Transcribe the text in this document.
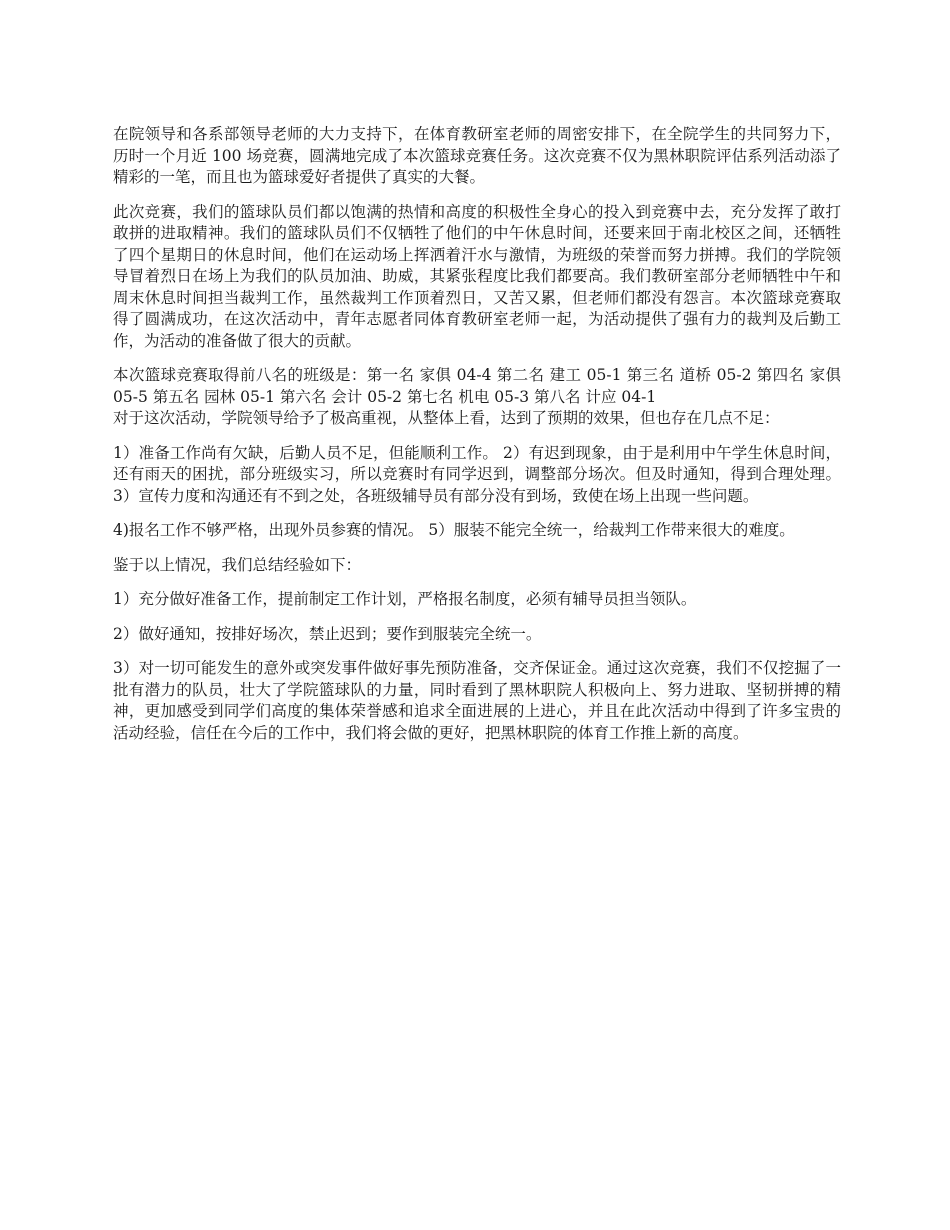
在院领导和各系部领导老师的大力支持下，在体育教研室老师的周密安排下，在全院学生的共同努力下，历时一个月近 100 场竞赛，圆满地完成了本次篮球竞赛任务。这次竞赛不仅为黑林职院评估系列活动添了精彩的一笔，而且也为篮球爱好者提供了真实的大餐。

此次竞赛，我们的篮球队员们都以饱满的热情和高度的积极性全身心的投入到竞赛中去，充分发挥了敢打敢拼的进取精神。我们的篮球队员们不仅牺牲了他们的中午休息时间，还要来回于南北校区之间，还牺牲了四个星期日的休息时间，他们在运动场上挥洒着汗水与激情，为班级的荣誉而努力拼搏。我们的学院领导冒着烈日在场上为我们的队员加油、助威，其紧张程度比我们都要高。我们教研室部分老师牺牲中午和周末休息时间担当裁判工作，虽然裁判工作顶着烈日，又苦又累，但老师们都没有怨言。本次篮球竞赛取得了圆满成功，在这次活动中，青年志愿者同体育教研室老师一起，为活动提供了强有力的裁判及后勤工作，为活动的准备做了很大的贡献。

本次篮球竞赛取得前八名的班级是：第一名 家俱 04-4 第二名 建工 05-1 第三名 道桥 05-2 第四名 家俱 05-5 第五名 园林 05-1 第六名 会计 05-2 第七名 机电 05-3 第八名 计应 04-1
对于这次活动，学院领导给予了极高重视，从整体上看，达到了预期的效果，但也存在几点不足：

1）准备工作尚有欠缺，后勤人员不足，但能顺利工作。 2）有迟到现象，由于是利用中午学生休息时间，还有雨天的困扰，部分班级实习，所以竞赛时有同学迟到，调整部分场次。但及时通知，得到合理处理。 3）宣传力度和沟通还有不到之处，各班级辅导员有部分没有到场，致使在场上出现一些问题。

4)报名工作不够严格，出现外员参赛的情况。 5）服装不能完全统一，给裁判工作带来很大的难度。

鉴于以上情况，我们总结经验如下：

1）充分做好准备工作，提前制定工作计划，严格报名制度，必须有辅导员担当领队。

2）做好通知，按排好场次，禁止迟到；要作到服装完全统一。

3）对一切可能发生的意外或突发事件做好事先预防准备，交齐保证金。通过这次竞赛，我们不仅挖掘了一批有潜力的队员，壮大了学院篮球队的力量，同时看到了黑林职院人积极向上、努力进取、坚韧拼搏的精神，更加感受到同学们高度的集体荣誉感和追求全面进展的上进心，并且在此次活动中得到了许多宝贵的活动经验，信任在今后的工作中，我们将会做的更好，把黑林职院的体育工作推上新的高度。
